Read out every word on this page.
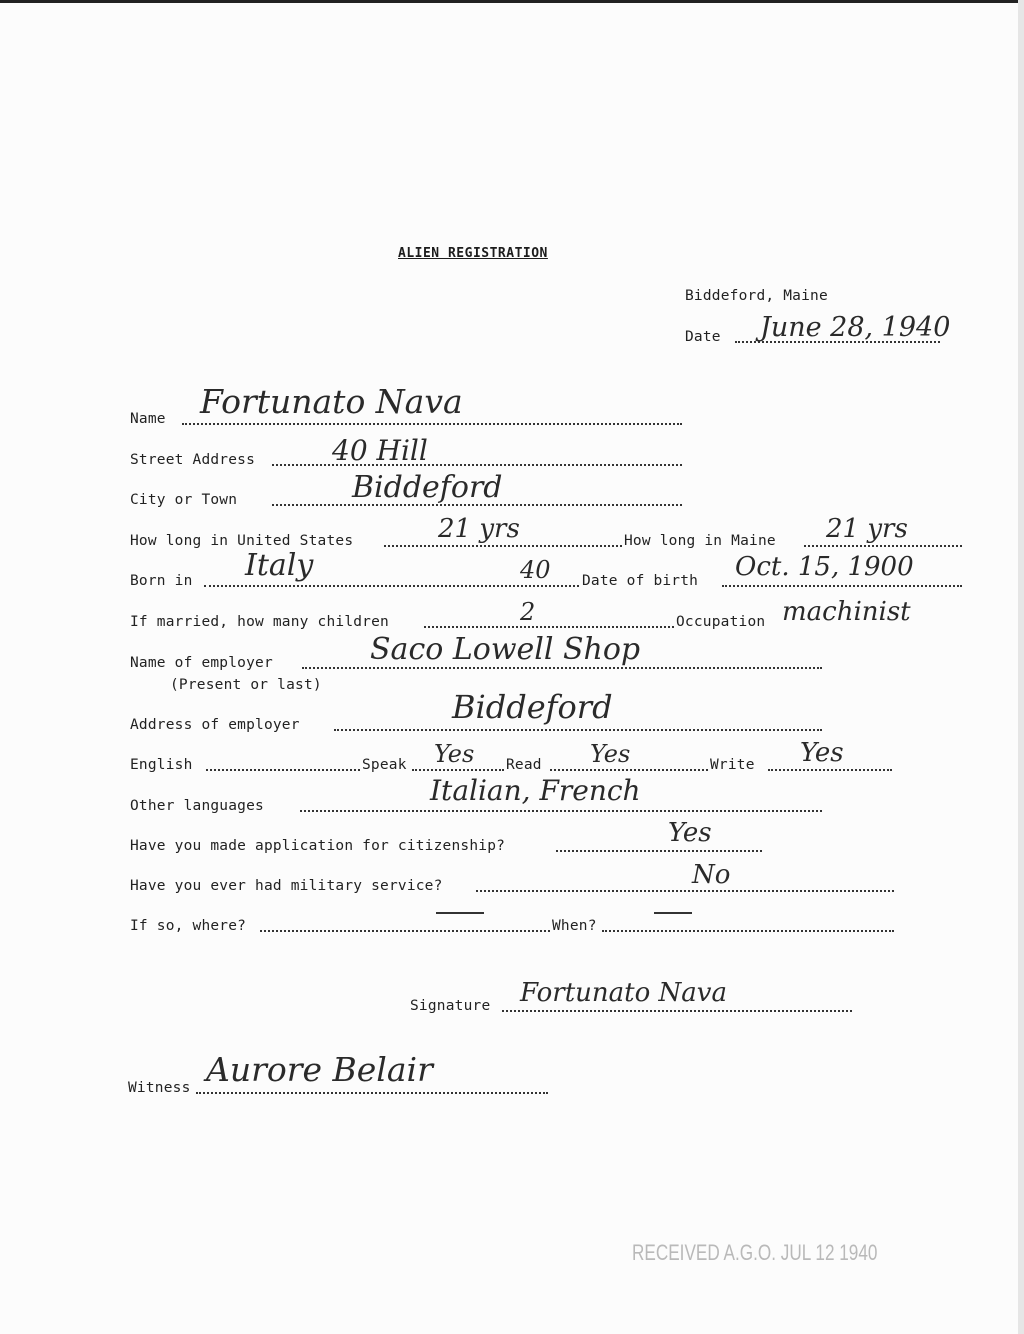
ALIEN REGISTRATION
Biddeford, Maine
Date June 28, 1940
Name Fortunato Nava
Street Address	40 Hill
City or Town	Biddeford
How long in United States	21 yrs	How long in Maine 21 yrs
Born in Italy	40 Date of birth Oct. 15, 1900
If married, how many children	2	Occupation machinist
Name of employer	Saco Lowell Shop
(Present or last)
Address of employer	Biddeford
English	Speak Yes Read Yes	Write Yes
Other languages	Italian, French
Have you made application for citizenship?	Yes
Have you ever had military service?	No
If so, where?	When?
Signature Fortunato Nava
Witness Aurore Belair
RECEIVED A.G.O. JUL 12 1940
